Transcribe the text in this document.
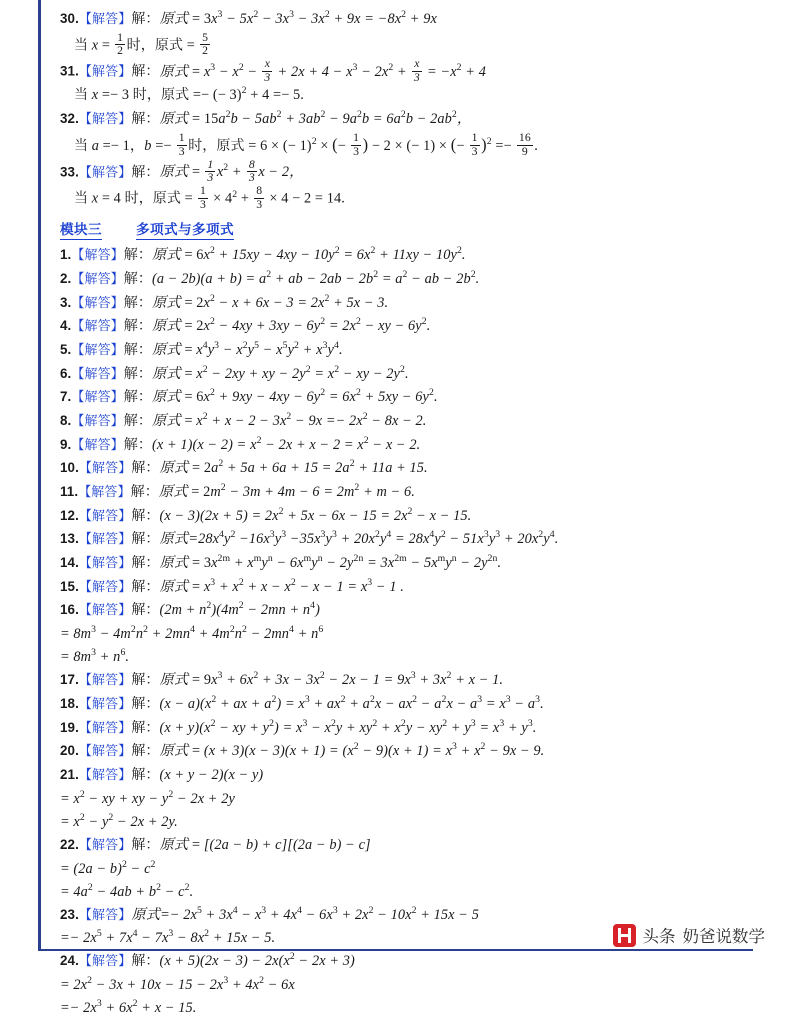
30.【解答】解：原式 = $3x^3 - 5x^2 - 3x^3 - 3x^2 + 9x = -8x^2 + 9x$
当 $x = \frac{1}{2}$ 时，原式 = $\frac{5}{2}$
31.【解答】解：原式 = $x^3 - x^2 - \frac{x}{3} + 2x + 4 - x^3 - 2x^2 + \frac{x}{3} = -x^2 + 4$
当 x =− 3 时，原式 =− (− 3)$^2$ + 4 =− 5.
32.【解答】解：原式 = $15a^2b - 5ab^2 + 3ab^2 - 9a^2b = 6a^2b - 2ab^2$，
当 a =− 1，$b =- \frac{1}{3}$ 时，原式 = 6 × (− 1)$^2$ × (− $\frac{1}{3}$ ) − 2 × (− 1) × (− $\frac{1}{3} )^2 =- \frac{16}{9}$ .
33.【解答】解：原式 = $\frac{1}{3} x^2 + \frac{8}{3}$ x − 2，
当 x = 4 时，原式 = $\frac{1}{3} \times 4^2 + \frac{8}{3} \times 4 - 2 = 14$.
模块三	多项式与多项式
1.【解答】解：原式 = $6x^2 + 15xy - 4xy - 10y^2 = 6x^2 + 11xy - 10y^2$.
2.【解答】解：$(a - 2b)(a + b) = a^2$ + ab − $2ab - 2b^2 = a^2$ − ab − $2b^2$.
3.【解答】解：原式 = $2x^2 - x + 6x - 3 = 2x^2 + 5x - 3$.
4.【解答】解：原式 = $2x^2 - 4xy + 3xy - 6y^2 = 2x^2$ − xy − $6y^2$.
5.【解答】解：原式 = $x^4y^3 - x^2y^5 - x^5y^2 + x^3y^4$.
6.【解答】解：原式 = $x^2 - 2xy$ + xy − $2y^2 = x^2$ − xy − $2y^2$.
7.【解答】解：原式 = $6x^2 + 9xy - 4xy - 6y^2 = 6x^2 + 5xy - 6y^2$.
8.【解答】解：原式 = $x^2 + x - 2 - 3x^2 - 9x =- 2x^2 - 8x - 2$.
9.【解答】解：$(x + 1)(x - 2) = x^2 - 2x + x - 2 = x^2 - x - 2$.
10.【解答】解：原式 = $2a^2 + 5a + 6a + 15 = 2a^2 + 11a + 15$.
11.【解答】解：原式 = $2m^2 - 3m + 4m - 6 = 2m^2 + m - 6$.
12.【解答】解：$(x - 3)(2x + 5) = 2x^2 + 5x - 6x - 15 = 2x^2 - x - 15$.
13.【解答】解：原式$=28x^4y^2 -16x^3y^3 -35x^3y^3 + 20x^2y^4 = 28x^4y^2 - 51x^3y^3 + 20x^2y^4$.
14.【解答】解：原式 = $3x^{2m} + x^my^n - 6x^my^n - 2y^{2n} = 3x^{2m} - 5x^my^n - 2y^{2n}$.
15.【解答】解：原式 = $x^3 + x^2 + x - x^2 - x - 1 = x^3 - 1$ .
16.【解答】解：$(2m + n^2)(4m^2 - 2mn + n^4)$
= $8m^3 - 4m^2n^2 + 2mn^4 + 4m^2n^2 - 2mn^4 + n^6$
= $8m^3 + n^6$.
17.【解答】解：原式 = $9x^3 + 6x^2 + 3x - 3x^2 - 2x - 1 = 9x^3 + 3x^2 + x - 1$.
18.【解答】解：$(x - a)(x^2$ + ax + $a^2) = x^3 + ax^2 + a^2x - ax^2 - a^2x - a^3 = x^3 - a^3$.
19.【解答】解：$(x + y)(x^2$ − xy + $y^2) = x^3 - x^2y + xy^2 + x^2y - xy^2 + y^3 = x^3 + y^3$.
20.【解答】解：原式 = $(x + 3)(x - 3)(x + 1) = (x^2 - 9)(x + 1) = x^3 + x^2 - 9x - 9$.
21.【解答】解：(x + y − 2)(x − y)
= $x^2$ − xy + xy − $y^2 - 2x + 2y$
= $x^2 - y^2 - 2x + 2y$.
22.【解答】解：原式 = [(2a − b) + c][(2a − b) − c]
= $(2a - b)^2 - c^2$
= $4a^2 - 4ab + b^2 - c^2$.
23.【解答】原式=− $2x^5 + 3x^4 - x^3 + 4x^4 - 6x^3 + 2x^2 - 10x^2 + 15x - 5$
=− $2x^5 + 7x^4 - 7x^3 - 8x^2 + 15x - 5$.
24.【解答】解：$(x + 5)(2x - 3) - 2x(x^2 - 2x + 3)$
= $2x^2 - 3x + 10x - 15 - 2x^3 + 4x^2 - 6x$
=− $2x^3 + 6x^2 + x - 15$.
头条 奶爸说数学
